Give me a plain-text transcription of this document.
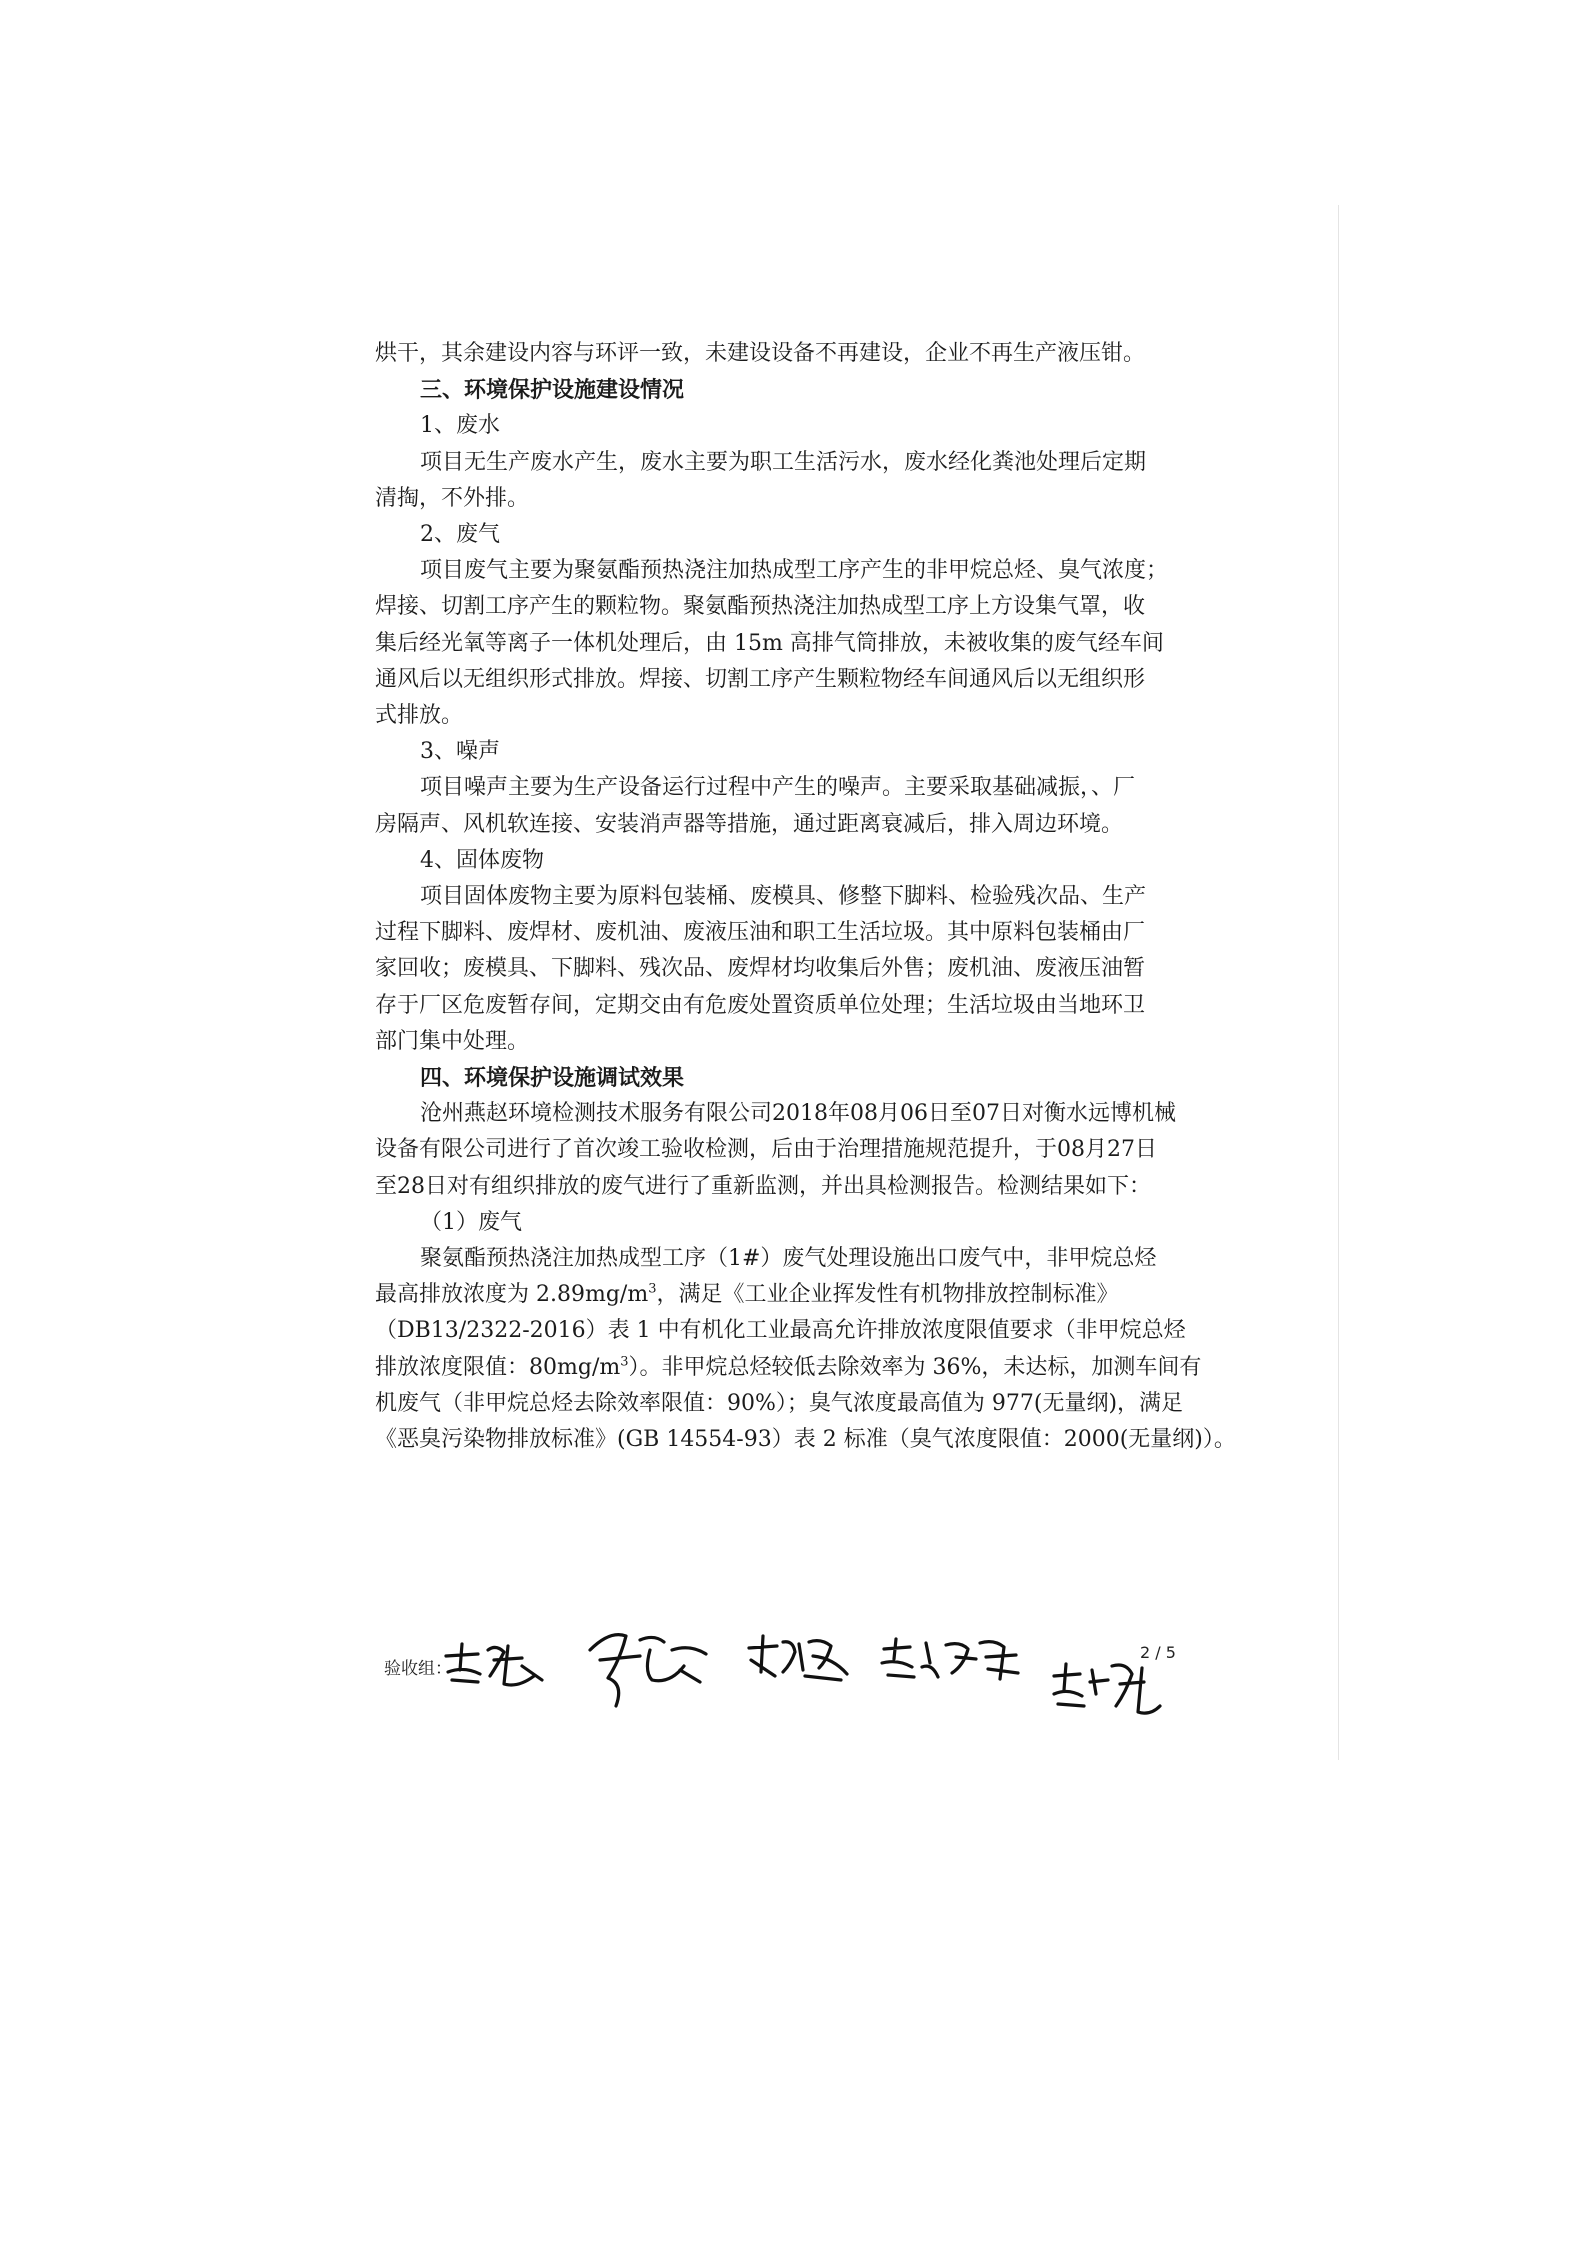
烘干，其余建设内容与环评一致，未建设设备不再建设，企业不再生产液压钳。

三、环境保护设施建设情况

1、废水

项目无生产废水产生，废水主要为职工生活污水，废水经化粪池处理后定期

清掏，不外排。

2、废气

项目废气主要为聚氨酯预热浇注加热成型工序产生的非甲烷总烃、臭气浓度；

焊接、切割工序产生的颗粒物。聚氨酯预热浇注加热成型工序上方设集气罩，收

集后经光氧等离子一体机处理后，由 15m 高排气筒排放，未被收集的废气经车间

通风后以无组织形式排放。焊接、切割工序产生颗粒物经车间通风后以无组织形

式排放。

3、噪声

项目噪声主要为生产设备运行过程中产生的噪声。主要采取基础减振，、厂

房隔声、风机软连接、安装消声器等措施，通过距离衰减后，排入周边环境。

4、固体废物

项目固体废物主要为原料包装桶、废模具、修整下脚料、检验残次品、生产

过程下脚料、废焊材、废机油、废液压油和职工生活垃圾。其中原料包装桶由厂

家回收；废模具、下脚料、残次品、废焊材均收集后外售；废机油、废液压油暂

存于厂区危废暂存间，定期交由有危废处置资质单位处理；生活垃圾由当地环卫

部门集中处理。

四、环境保护设施调试效果

沧州燕赵环境检测技术服务有限公司2018年08月06日至07日对衡水远博机械

设备有限公司进行了首次竣工验收检测，后由于治理措施规范提升，于08月27日

至28日对有组织排放的废气进行了重新监测，并出具检测报告。检测结果如下：

（1）废气

聚氨酯预热浇注加热成型工序（1#）废气处理设施出口废气中，非甲烷总烃

最高排放浓度为 $2.89mg/m^3$，满足《工业企业挥发性有机物排放控制标准》

（DB13/2322-2016）表 1 中有机化工业最高允许排放浓度限值要求（非甲烷总烃

排放浓度限值：$80mg/m^3$）。非甲烷总烃较低去除效率为 36%，未达标，加测车间有

机废气（非甲烷总烃去除效率限值：90%）；臭气浓度最高值为 977(无量纲)，满足

《恶臭污染物排放标准》(GB 14554-93）表 2 标准（臭气浓度限值：2000(无量纲)）。

验收组：
2 / 5
